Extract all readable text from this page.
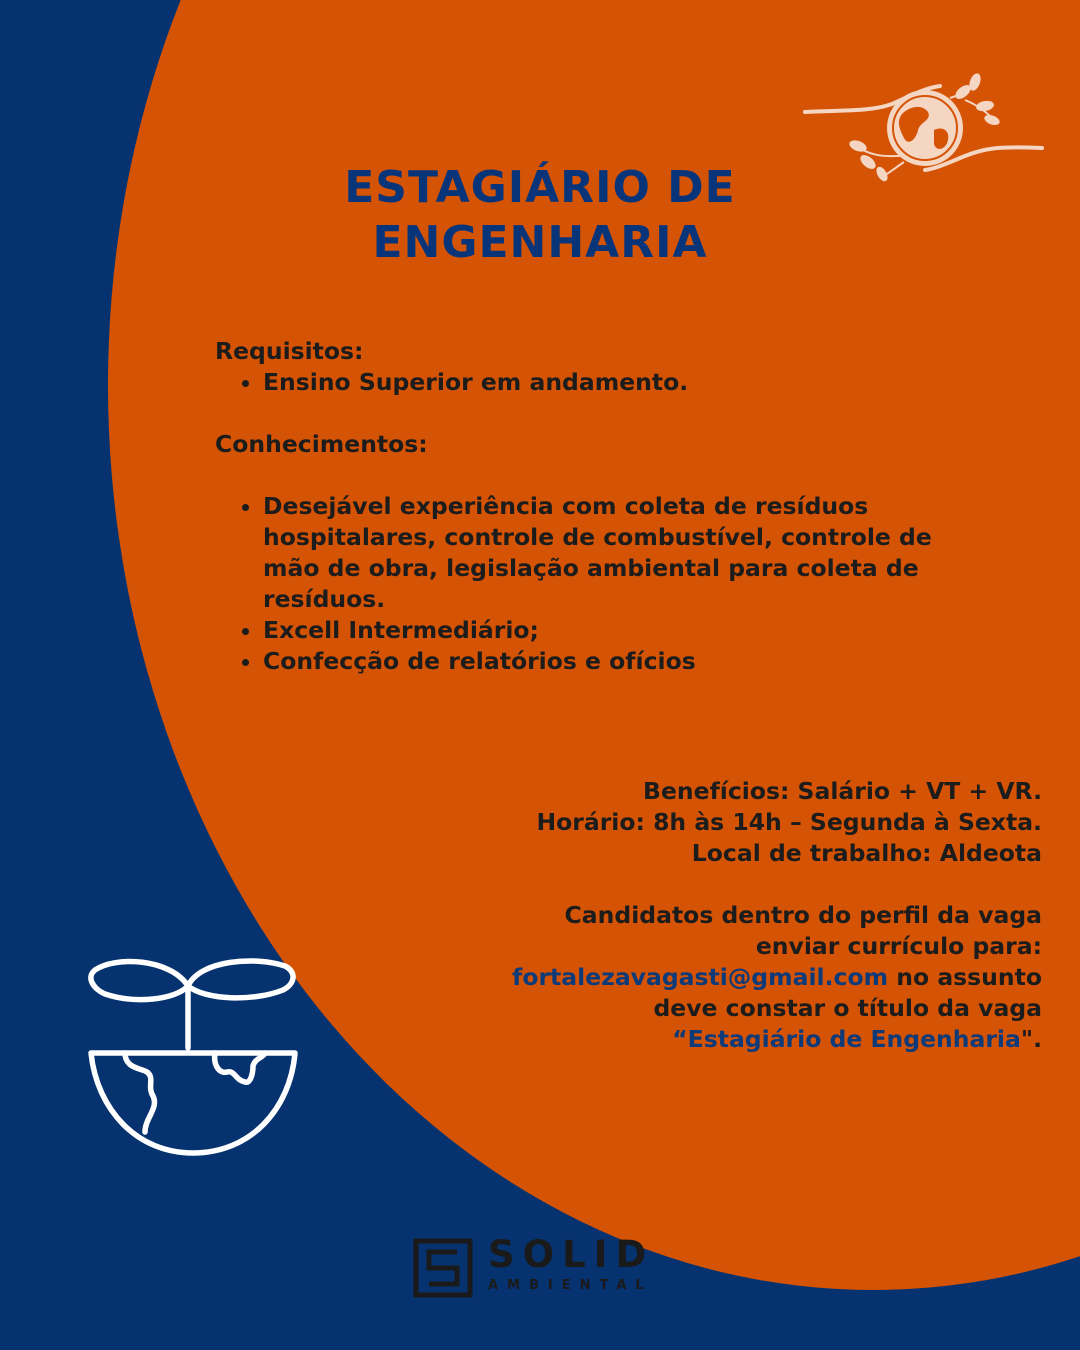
ESTAGIÁRIO DE
ENGENHARIA

Requisitos:

• Ensino Superior em andamento.

Conhecimentos:

• Desejável experiência com coleta de resíduos hospitalares, controle de combustível, controle de mão de obra, legislação ambiental para coleta de resíduos.
• Excell Intermediário;
• Confecção de relatórios e ofícios

Benefícios: Salário + VT + VR.

Horário: 8h às 14h – Segunda à Sexta.

Local de trabalho: Aldeota

Candidatos dentro do perfil da vaga

enviar currículo para:

fortalezavagasti@gmail.com no assunto

deve constar o título da vaga

“Estagiário de Engenharia".

SOLID
AMBIENTAL
